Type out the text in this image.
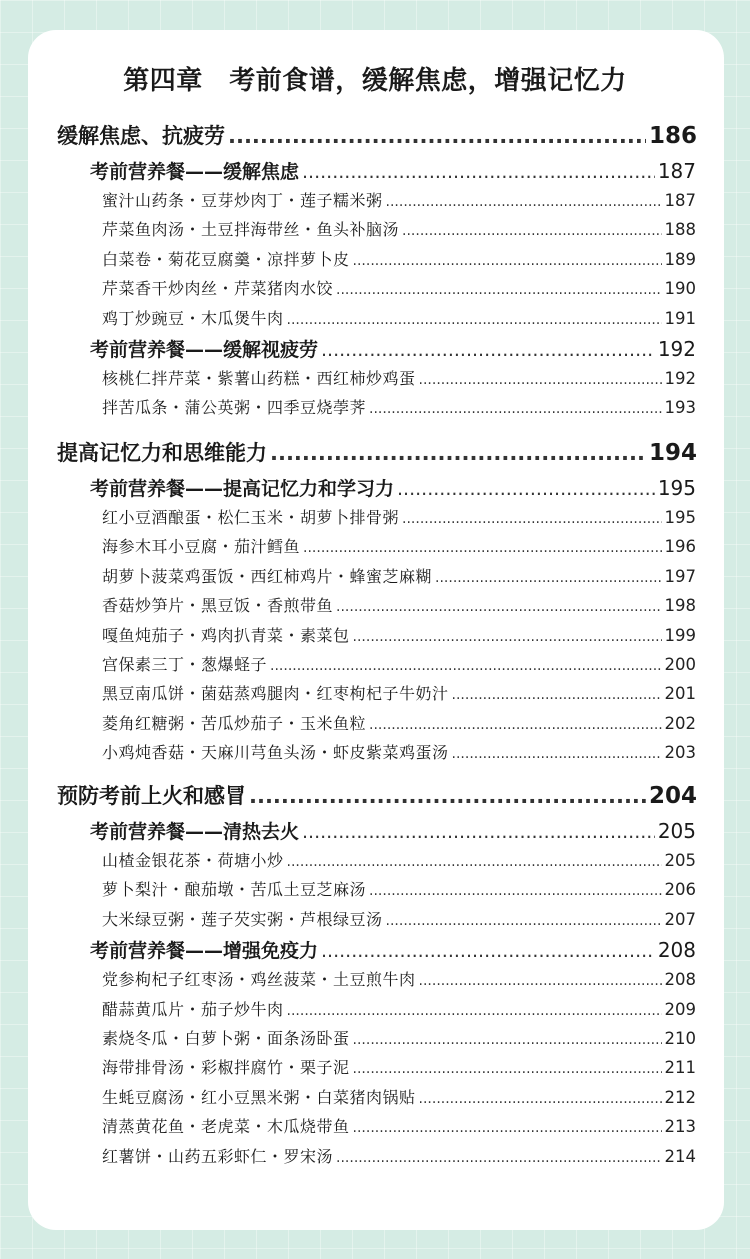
第四章　考前食谱，缓解焦虑，增强记忆力
缓解焦虑、抗疲劳 .....	186
考前营养餐——缓解焦虑 .....	187
蜜汁山药条・豆芽炒肉丁・莲子糯米粥 .....	187
芹菜鱼肉汤・土豆拌海带丝・鱼头补脑汤 .....	188
白菜卷・菊花豆腐羹・凉拌萝卜皮 .....	189
芹菜香干炒肉丝・芹菜猪肉水饺 .....	190
鸡丁炒豌豆・木瓜煲牛肉 .....	191
考前营养餐——缓解视疲劳 .....	192
核桃仁拌芹菜・紫薯山药糕・西红柿炒鸡蛋 .....	192
拌苦瓜条・蒲公英粥・四季豆烧荸荠 .....	193
提高记忆力和思维能力 .....	194
考前营养餐——提高记忆力和学习力 .....	195
红小豆酒酿蛋・松仁玉米・胡萝卜排骨粥 .....	195
海参木耳小豆腐・茄汁鳕鱼 .....	196
胡萝卜菠菜鸡蛋饭・西红柿鸡片・蜂蜜芝麻糊 .....	197
香菇炒笋片・黑豆饭・香煎带鱼 .....	198
嘎鱼炖茄子・鸡肉扒青菜・素菜包 .....	199
宫保素三丁・葱爆蛏子 .....	200
黑豆南瓜饼・菌菇蒸鸡腿肉・红枣枸杞子牛奶汁 .....	201
菱角红糖粥・苦瓜炒茄子・玉米鱼粒 .....	202
小鸡炖香菇・天麻川芎鱼头汤・虾皮紫菜鸡蛋汤 .....	203
预防考前上火和感冒 .....	204
考前营养餐——清热去火 .....	205
山楂金银花茶・荷塘小炒 .....	205
萝卜梨汁・酿茄墩・苦瓜土豆芝麻汤 .....	206
大米绿豆粥・莲子芡实粥・芦根绿豆汤 .....	207
考前营养餐——增强免疫力 .....	208
党参枸杞子红枣汤・鸡丝菠菜・土豆煎牛肉 .....	208
醋蒜黄瓜片・茄子炒牛肉 .....	209
素烧冬瓜・白萝卜粥・面条汤卧蛋 .....	210
海带排骨汤・彩椒拌腐竹・栗子泥 .....	211
生蚝豆腐汤・红小豆黑米粥・白菜猪肉锅贴 .....	212
清蒸黄花鱼・老虎菜・木瓜烧带鱼 .....	213
红薯饼・山药五彩虾仁・罗宋汤 .....	214
